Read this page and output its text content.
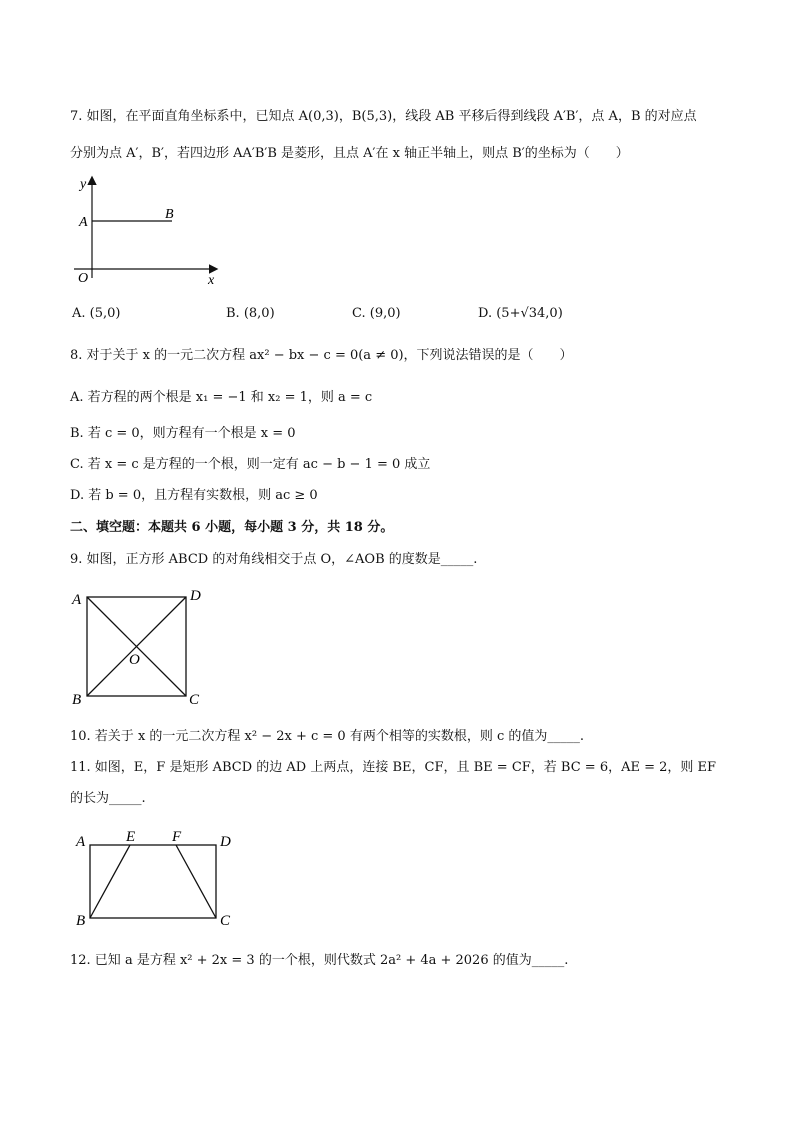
7. 如图，在平面直角坐标系中，已知点 A(0,3)，B(5,3)，线段 AB 平移后得到线段 A′B′，点 A，B 的对应点
分别为点 A′，B′，若四边形 AA′B′B 是菱形，且点 A′在 x 轴正半轴上，则点 B′的坐标为（　　）
y
x
A
B
O
A. (5,0)	B. (8,0)	C. (9,0)	D. (5+√34,0)
8. 对于关于 x 的一元二次方程 ax² − bx − c = 0(a ≠ 0)，下列说法错误的是（　　）
A. 若方程的两个根是 x₁ = −1 和 x₂ = 1，则 a = c
B. 若 c = 0，则方程有一个根是 x = 0
C. 若 x = c 是方程的一个根，则一定有 ac − b − 1 = 0 成立
D. 若 b = 0，且方程有实数根，则 ac ≥ 0
二、填空题：本题共 6 小题，每小题 3 分，共 18 分。
9. 如图，正方形 ABCD 的对角线相交于点 O，∠AOB 的度数是_____.
A	D
B	C
O
10. 若关于 x 的一元二次方程 x² − 2x + c = 0 有两个相等的实数根，则 c 的值为_____.
11. 如图，E，F 是矩形 ABCD 的边 AD 上两点，连接 BE，CF，且 BE = CF，若 BC = 6，AE = 2，则 EF
的长为_____.
A	E F	D
B	C
12. 已知 a 是方程 x² + 2x = 3 的一个根，则代数式 2a² + 4a + 2026 的值为_____.
